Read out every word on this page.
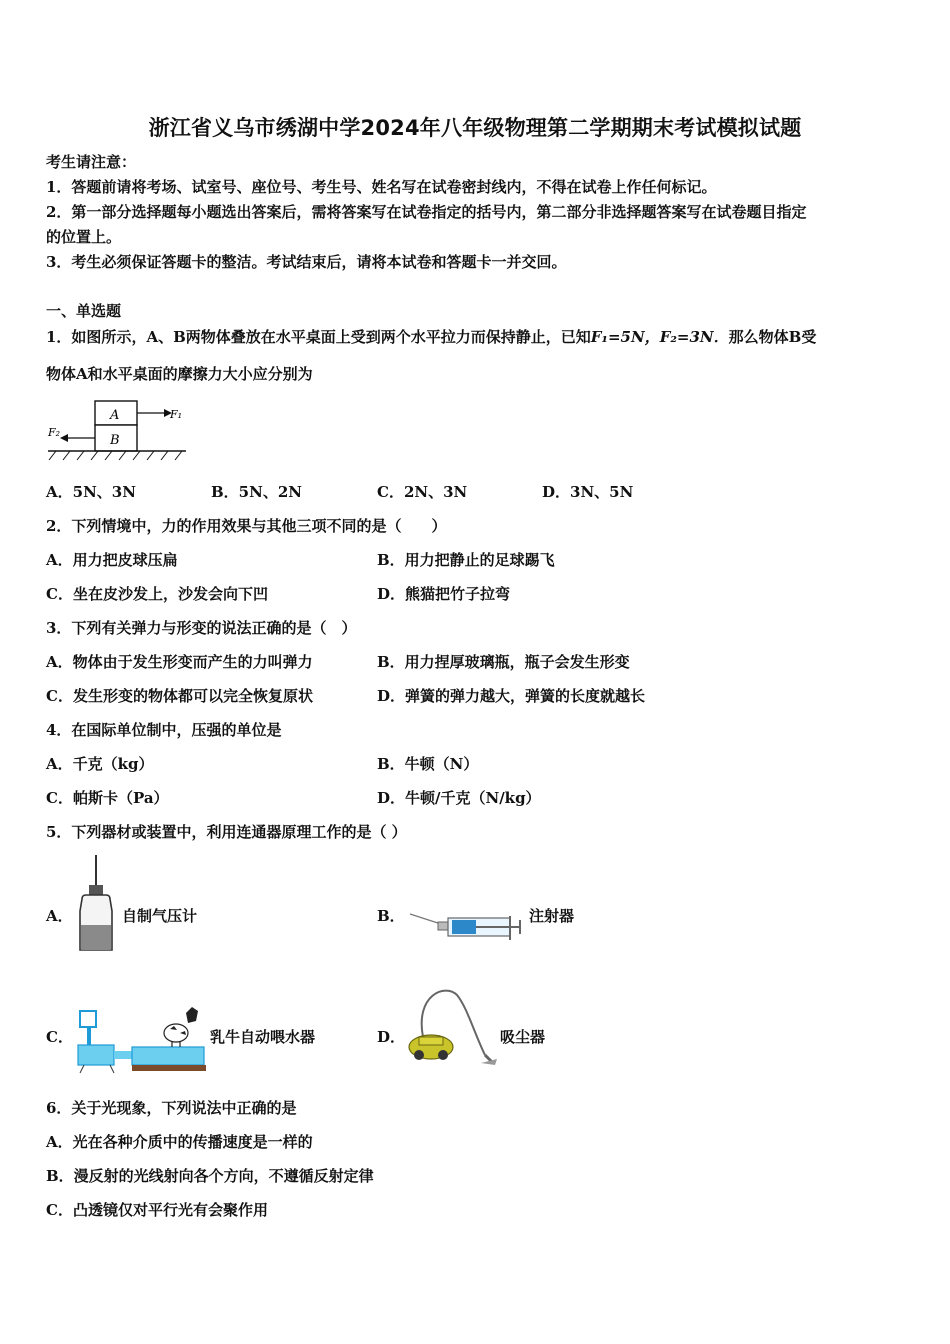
浙江省义乌市绣湖中学2024年八年级物理第二学期期末考试模拟试题
考生请注意：
1．答题前请将考场、试室号、座位号、考生号、姓名写在试卷密封线内，不得在试卷上作任何标记。
2．第一部分选择题每小题选出答案后，需将答案写在试卷指定的括号内，第二部分非选择题答案写在试卷题目指定
的位置上。
3．考生必须保证答题卡的整洁。考试结束后，请将本试卷和答题卡一并交回。
一、单选题
1．如图所示，A、B两物体叠放在水平桌面上受到两个水平拉力而保持静止，已知F₁=5N，F₂=3N．那么物体B受
物体A和水平桌面的摩擦力大小应分别为
A
B
F₁
F₂
A．5N、3N	B．5N、2N	C．2N、3N	D．3N、5N
2．下列情境中，力的作用效果与其他三项不同的是（　　）
A．用力把皮球压扁	B．用力把静止的足球踢飞
C．坐在皮沙发上，沙发会向下凹	D．熊猫把竹子拉弯
3．下列有关弹力与形变的说法正确的是（　）
A．物体由于发生形变而产生的力叫弹力	B．用力捏厚玻璃瓶，瓶子会发生形变
C．发生形变的物体都可以完全恢复原状	D．弹簧的弹力越大，弹簧的长度就越长
4．在国际单位制中，压强的单位是
A．千克（kg）	B．牛顿（N）
C．帕斯卡（Pa）	D．牛顿/千克（N/kg）
5．下列器材或装置中，利用连通器原理工作的是（ ）
A．	自制气压计	B．	注射器
C．	乳牛自动喂水器	D．	吸尘器
6．关于光现象，下列说法中正确的是
A．光在各种介质中的传播速度是一样的
B．漫反射的光线射向各个方向，不遵循反射定律
C．凸透镜仅对平行光有会聚作用
